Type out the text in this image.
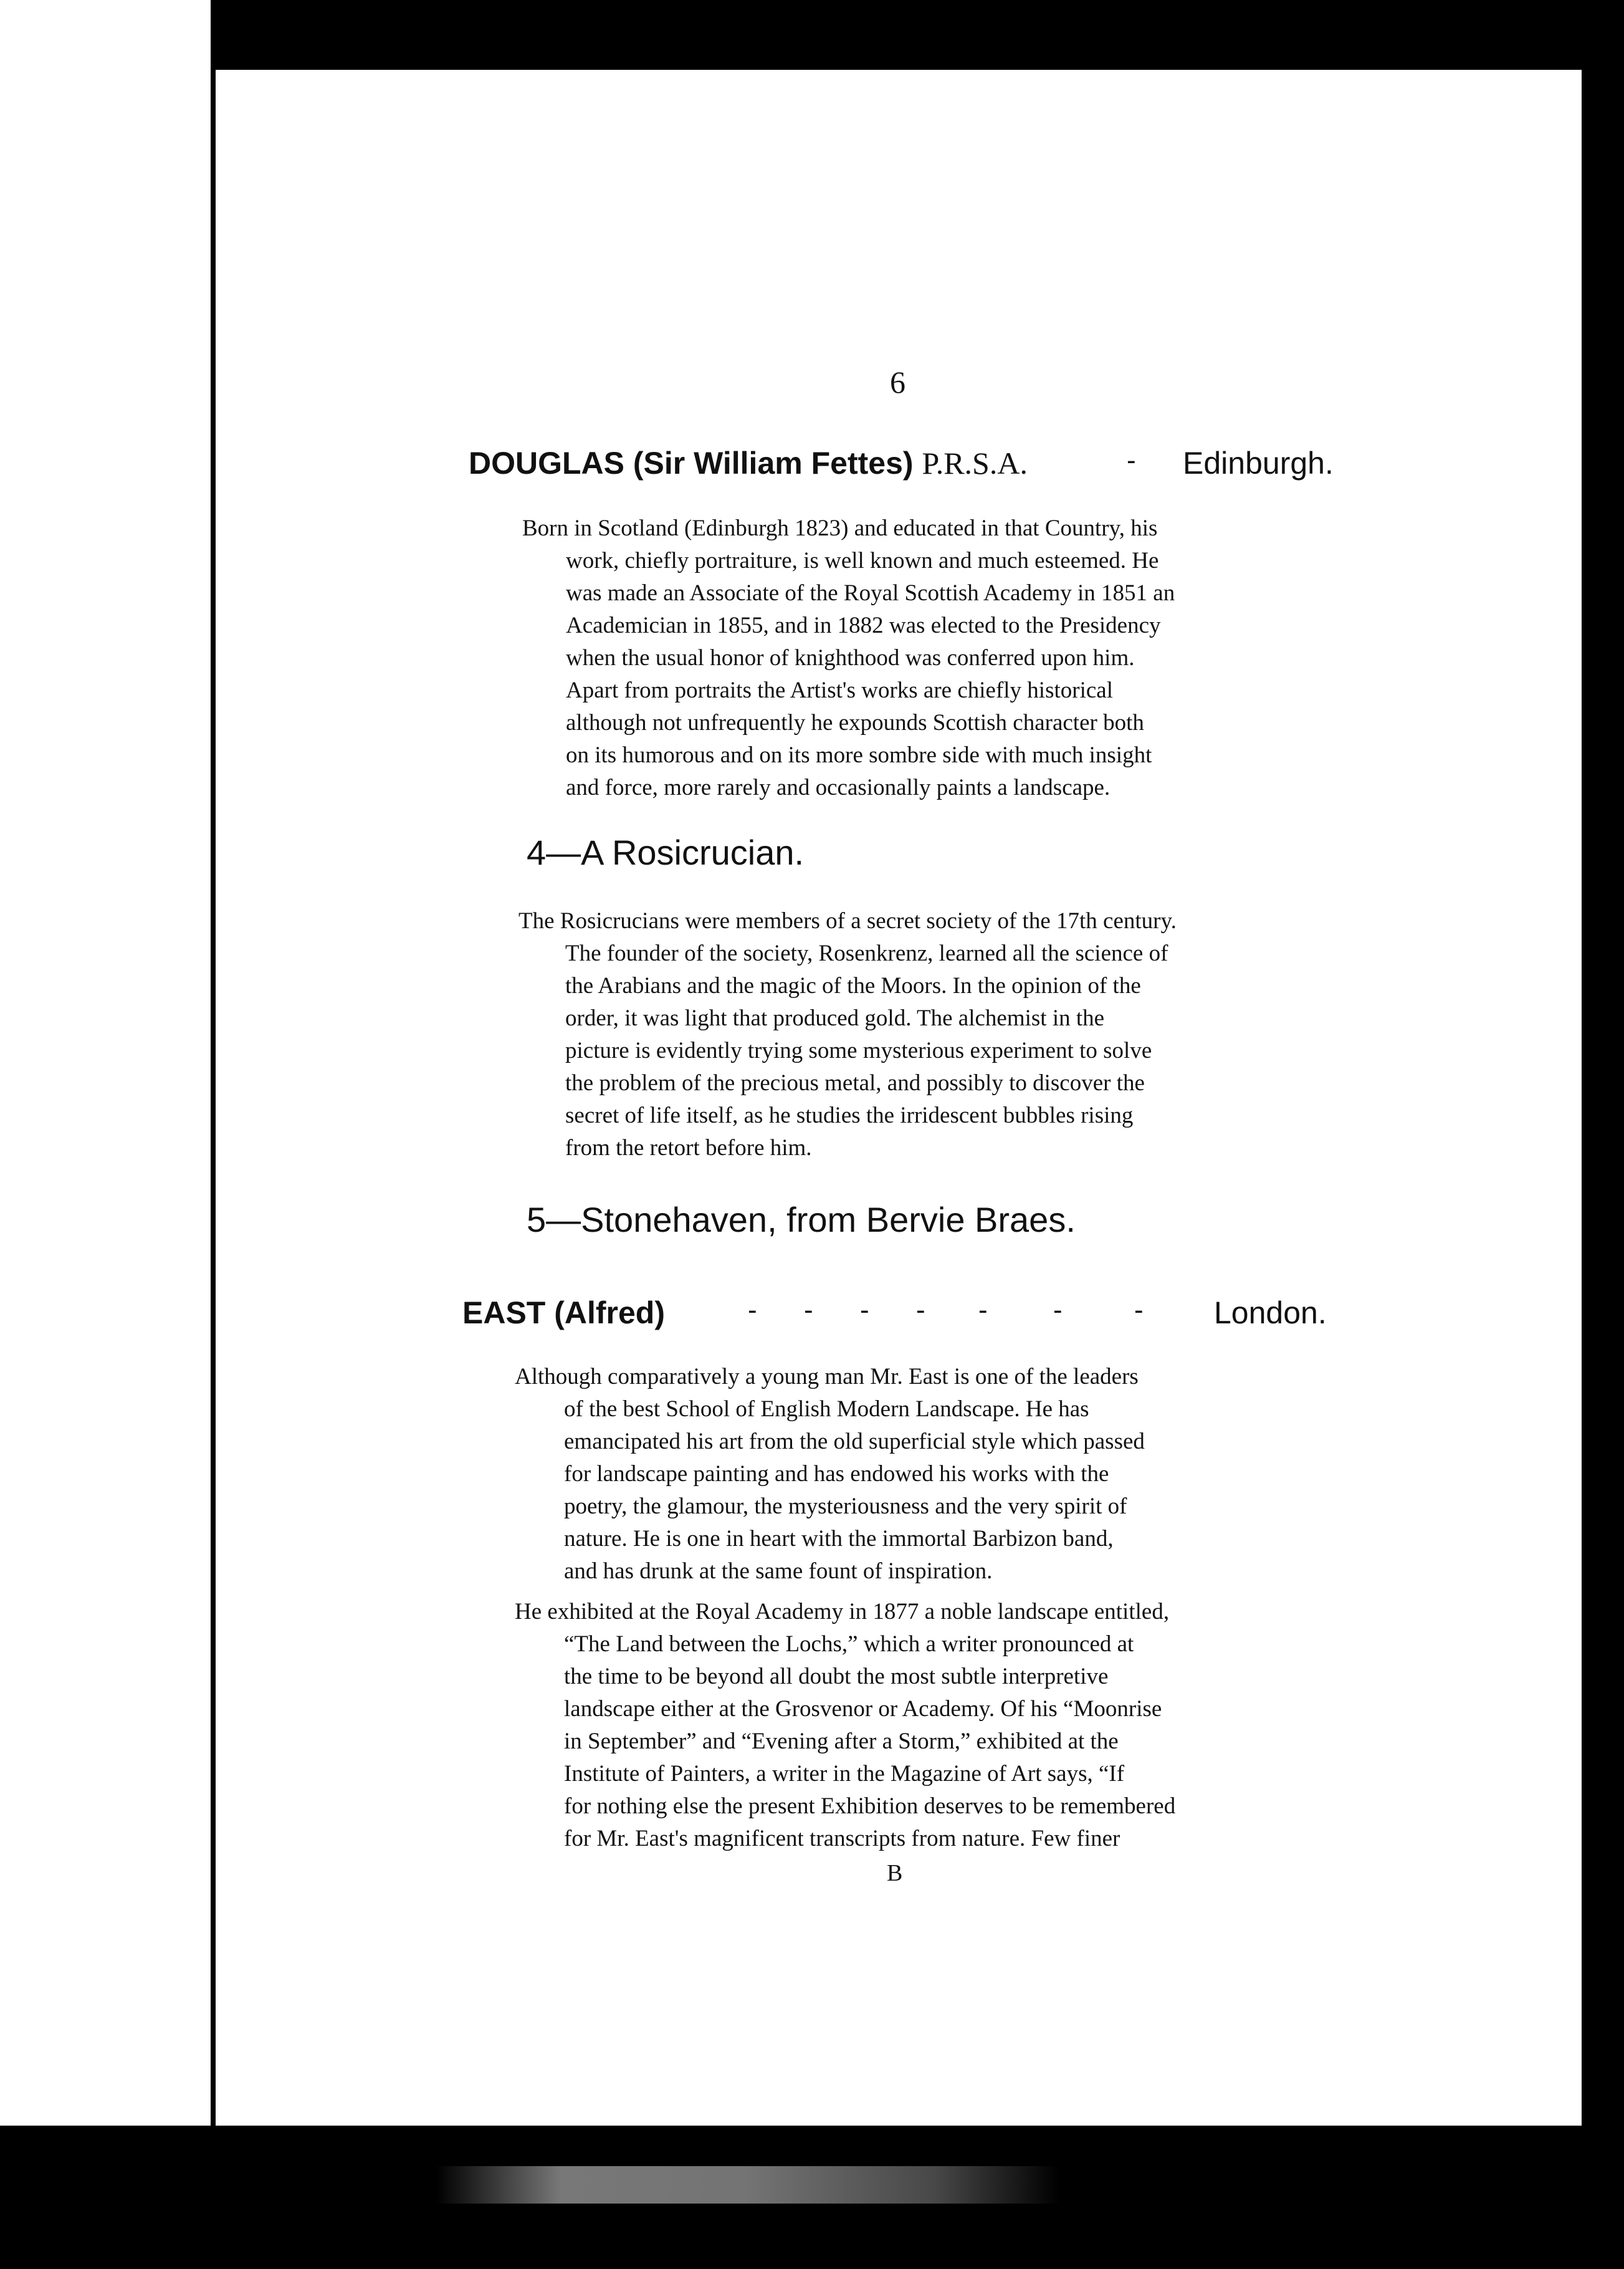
6
DOUGLAS (Sir William Fettes) P.R.S.A.	- Edinburgh.
Born in Scotland (Edinburgh 1823) and educated in that Country, his
work, chiefly portraiture, is well known and much esteemed. He
was made an Associate of the Royal Scottish Academy in 1851 an
Academician in 1855, and in 1882 was elected to the Presidency
when the usual honor of knighthood was conferred upon him.
Apart from portraits the Artist's works are chiefly historical
although not unfrequently he expounds Scottish character both
on its humorous and on its more sombre side with much insight
and force, more rarely and occasionally paints a landscape.
4—A Rosicrucian.
The Rosicrucians were members of a secret society of the 17th century.
The founder of the society, Rosenkrenz, learned all the science of
the Arabians and the magic of the Moors. In the opinion of the
order, it was light that produced gold. The alchemist in the
picture is evidently trying some mysterious experiment to solve
the problem of the precious metal, and possibly to discover the
secret of life itself, as he studies the irridescent bubbles rising
from the retort before him.
5—Stonehaven, from Bervie Braes.
EAST (Alfred)	- - - - - -	- London.
Although comparatively a young man Mr. East is one of the leaders
of the best School of English Modern Landscape. He has
emancipated his art from the old superficial style which passed
for landscape painting and has endowed his works with the
poetry, the glamour, the mysteriousness and the very spirit of
nature. He is one in heart with the immortal Barbizon band,
and has drunk at the same fount of inspiration.
He exhibited at the Royal Academy in 1877 a noble landscape entitled,
“The Land between the Lochs,” which a writer pronounced at
the time to be beyond all doubt the most subtle interpretive
landscape either at the Grosvenor or Academy. Of his “Moonrise
in September” and “Evening after a Storm,” exhibited at the
Institute of Painters, a writer in the Magazine of Art says, “If
for nothing else the present Exhibition deserves to be remembered
for Mr. East's magnificent transcripts from nature. Few finer
B
